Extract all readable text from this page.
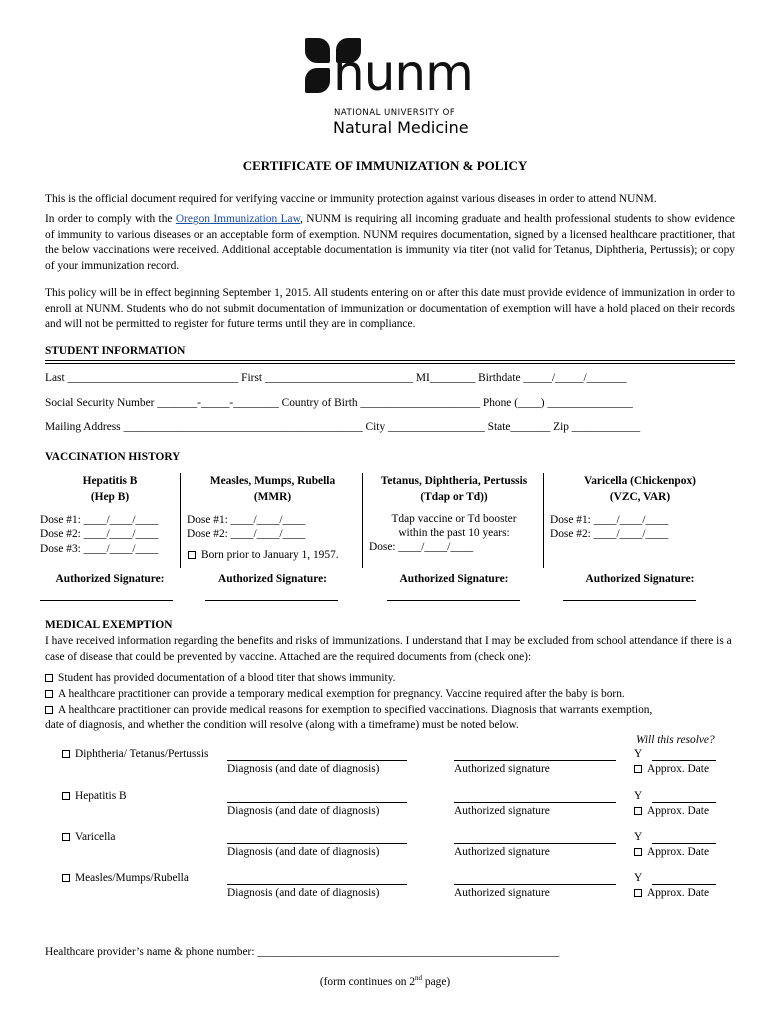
nunm
NATIONAL UNIVERSITY OF
Natural Medicine
CERTIFICATE OF IMMUNIZATION & POLICY
This is the official document required for verifying vaccine or immunity protection against various diseases in order to attend NUNM.
In order to comply with the Oregon Immunization Law, NUNM is requiring all incoming graduate and health professional students to show evidence of immunity to various diseases or an acceptable form of exemption. NUNM requires documentation, signed by a licensed healthcare practitioner, that the below vaccinations were received. Additional acceptable documentation is immunity via titer (not valid for Tetanus, Diphtheria, Pertussis); or copy of your immunization record.
This policy will be in effect beginning September 1, 2015. All students entering on or after this date must provide evidence of immunization in order to enroll at NUNM. Students who do not submit documentation of immunization or documentation of exemption will have a hold placed on their records and will not be permitted to register for future terms until they are in compliance.
STUDENT INFORMATION
Last ______________________________ First __________________________ MI________ Birthdate _____/_____/_______
Social Security Number _______-_____-________ Country of Birth _____________________ Phone (____) _______________
Mailing Address __________________________________________ City _________________ State_______ Zip ____________
VACCINATION HISTORY
Hepatitis B
(Hep B)
Dose #1: ____/____/____
Dose #2: ____/____/____
Dose #3: ____/____/____
Authorized Signature:
Measles, Mumps, Rubella
(MMR)
Dose #1: ____/____/____
Dose #2: ____/____/____
Born prior to January 1, 1957.
Authorized Signature:
Tetanus, Diphtheria, Pertussis
(Tdap or Td))
Tdap vaccine or Td booster
within the past 10 years:
Dose: ____/____/____
Authorized Signature:
Varicella (Chickenpox)
(VZC, VAR)
Dose #1: ____/____/____
Dose #2: ____/____/____
Authorized Signature:
MEDICAL EXEMPTION
I have received information regarding the benefits and risks of immunizations. I understand that I may be excluded from school attendance if there is a case of disease that could be prevented by vaccine. Attached are the required documents from (check one):
Student has provided documentation of a blood titer that shows immunity.
A healthcare practitioner can provide a temporary medical exemption for pregnancy. Vaccine required after the baby is born.
A healthcare practitioner can provide medical reasons for exemption to specified vaccinations. Diagnosis that warrants exemption,
date of diagnosis, and whether the condition will resolve (along with a timeframe) must be noted below.
Will this resolve?
Diphtheria/ Tetanus/Pertussis
Diagnosis (and date of diagnosis)	Authorized signature
Y
Approx. Date
Hepatitis B
Diagnosis (and date of diagnosis)	Authorized signature
Y
Approx. Date
Varicella
Diagnosis (and date of diagnosis)	Authorized signature
Y
Approx. Date
Measles/Mumps/Rubella
Diagnosis (and date of diagnosis)	Authorized signature
Y
Approx. Date
Healthcare provider’s name & phone number: _____________________________________________________
(form continues on 2nd page)
